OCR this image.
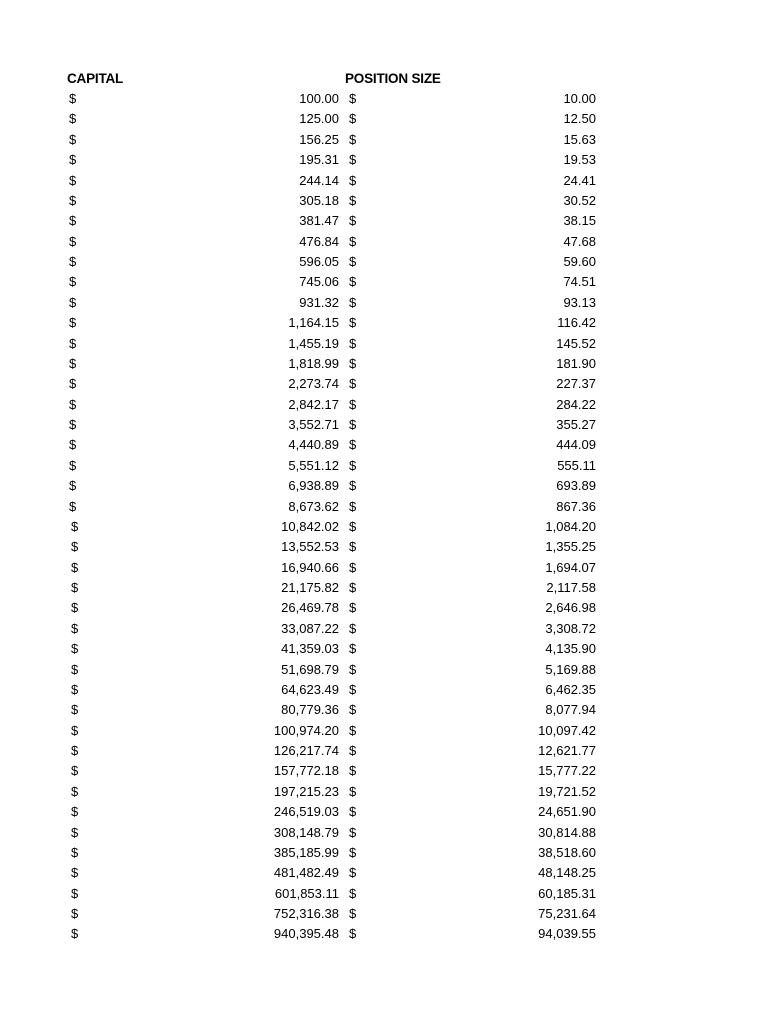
CAPITAL	POSITION SIZE
$	100.00 $	10.00
$	125.00 $	12.50
$	156.25 $	15.63
$	195.31 $	19.53
$	244.14 $	24.41
$	305.18 $	30.52
$	381.47 $	38.15
$	476.84 $	47.68
$	596.05 $	59.60
$	745.06 $	74.51
$	931.32 $	93.13
$	1,164.15 $	116.42
$	1,455.19 $	145.52
$	1,818.99 $	181.90
$	2,273.74 $	227.37
$	2,842.17 $	284.22
$	3,552.71 $	355.27
$	4,440.89 $	444.09
$	5,551.12 $	555.11
$	6,938.89 $	693.89
$	8,673.62 $	867.36
$	10,842.02 $	1,084.20
$	13,552.53 $	1,355.25
$	16,940.66 $	1,694.07
$	21,175.82 $	2,117.58
$	26,469.78 $	2,646.98
$	33,087.22 $	3,308.72
$	41,359.03 $	4,135.90
$	51,698.79 $	5,169.88
$	64,623.49 $	6,462.35
$	80,779.36 $	8,077.94
$	100,974.20 $	10,097.42
$	126,217.74 $	12,621.77
$	157,772.18 $	15,777.22
$	197,215.23 $	19,721.52
$	246,519.03 $	24,651.90
$	308,148.79 $	30,814.88
$	385,185.99 $	38,518.60
$	481,482.49 $	48,148.25
$	601,853.11 $	60,185.31
$	752,316.38 $	75,231.64
$	940,395.48 $	94,039.55
